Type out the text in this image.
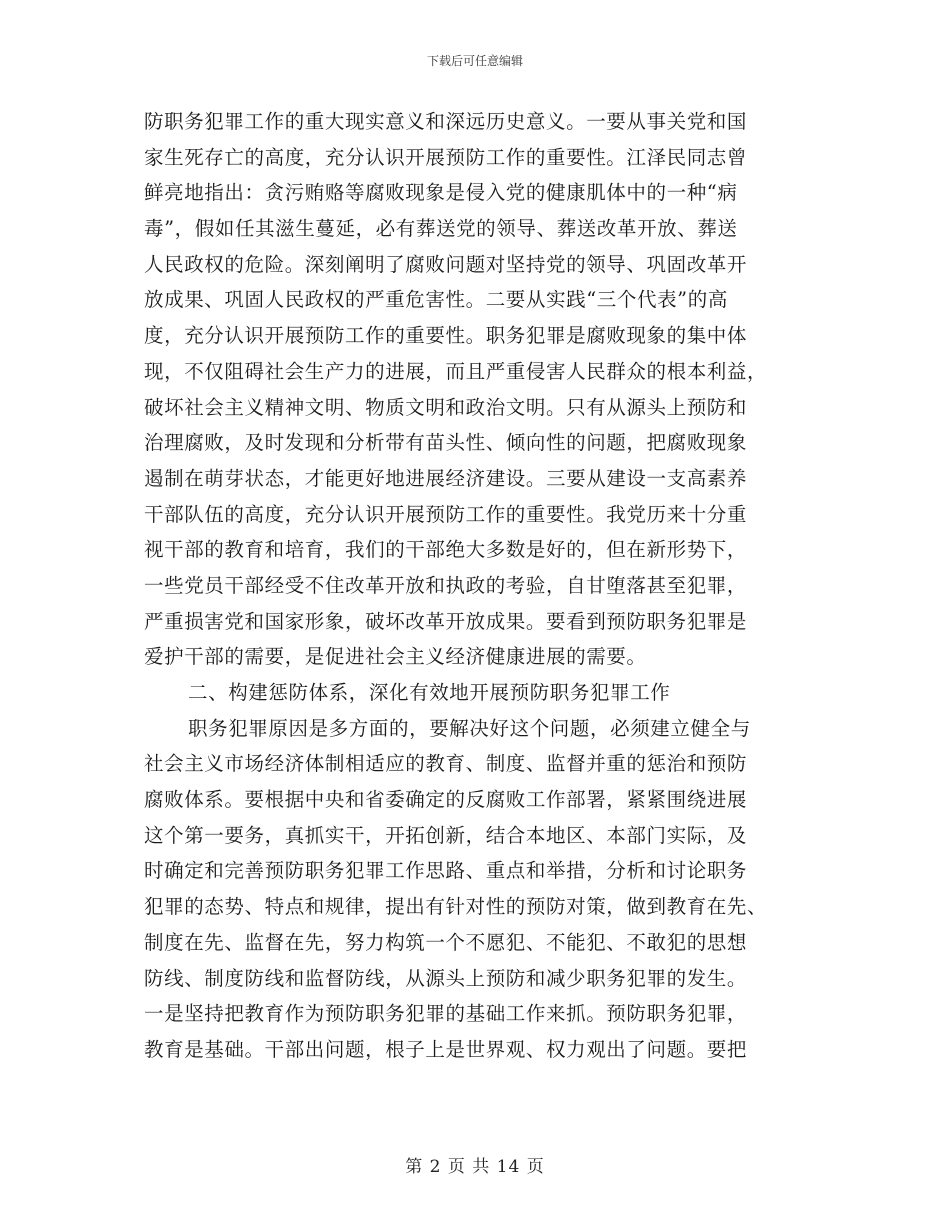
下载后可任意编辑
防职务犯罪工作的重大现实意义和深远历史意义。一要从事关党和国
家生死存亡的高度，充分认识开展预防工作的重要性。江泽民同志曾
鲜亮地指出：贪污贿赂等腐败现象是侵入党的健康肌体中的一种“病
毒”，假如任其滋生蔓延，必有葬送党的领导、葬送改革开放、葬送
人民政权的危险。深刻阐明了腐败问题对坚持党的领导、巩固改革开
放成果、巩固人民政权的严重危害性。二要从实践“三个代表”的高
度，充分认识开展预防工作的重要性。职务犯罪是腐败现象的集中体
现，不仅阻碍社会生产力的进展，而且严重侵害人民群众的根本利益，
破坏社会主义精神文明、物质文明和政治文明。只有从源头上预防和
治理腐败，及时发现和分析带有苗头性、倾向性的问题，把腐败现象
遏制在萌芽状态，才能更好地进展经济建设。三要从建设一支高素养
干部队伍的高度，充分认识开展预防工作的重要性。我党历来十分重
视干部的教育和培育，我们的干部绝大多数是好的，但在新形势下，
一些党员干部经受不住改革开放和执政的考验，自甘堕落甚至犯罪，
严重损害党和国家形象，破坏改革开放成果。要看到预防职务犯罪是
爱护干部的需要，是促进社会主义经济健康进展的需要。
二、构建惩防体系，深化有效地开展预防职务犯罪工作
职务犯罪原因是多方面的，要解决好这个问题，必须建立健全与
社会主义市场经济体制相适应的教育、制度、监督并重的惩治和预防
腐败体系。要根据中央和省委确定的反腐败工作部署，紧紧围绕进展
这个第一要务，真抓实干，开拓创新，结合本地区、本部门实际，及
时确定和完善预防职务犯罪工作思路、重点和举措，分析和讨论职务
犯罪的态势、特点和规律，提出有针对性的预防对策，做到教育在先、
制度在先、监督在先，努力构筑一个不愿犯、不能犯、不敢犯的思想
防线、制度防线和监督防线，从源头上预防和减少职务犯罪的发生。
一是坚持把教育作为预防职务犯罪的基础工作来抓。预防职务犯罪，
教育是基础。干部出问题，根子上是世界观、权力观出了问题。要把
第 2 页 共 14 页
